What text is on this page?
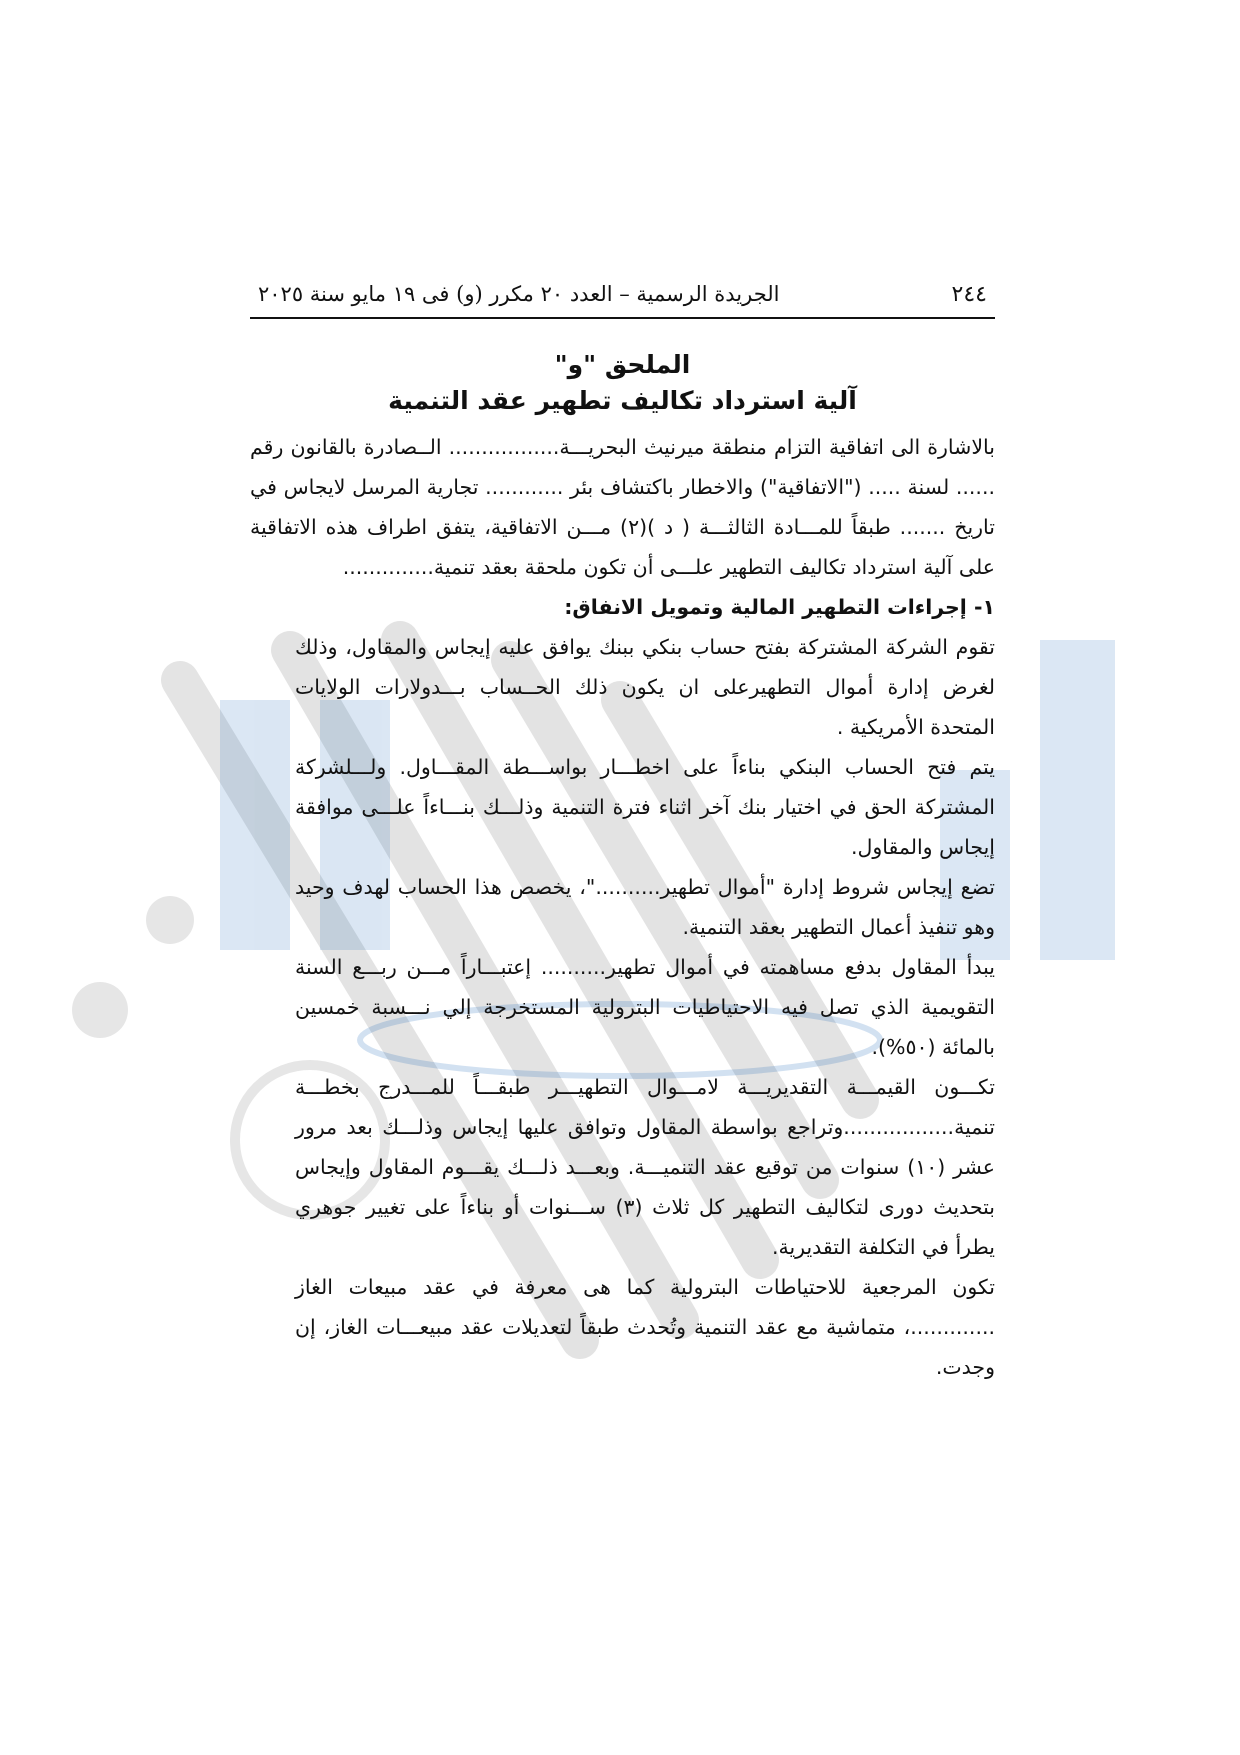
٢٤٤
الجريدة الرسمية – العدد ٢٠ مكرر (و) فى ١٩ مايو سنة ٢٠٢٥
الملحق "و"
آلية استرداد تكاليف تطهير عقد التنمية

بالاشارة الى اتفاقية التزام منطقة ميرنيث البحريـــة................. الــصادرة بالقانون رقم ...... لسنة ..... ("الاتفاقية") والاخطار باكتشاف بئر ............ تجارية المرسل لايجاس في تاريخ ....... طبقاً للمـــادة الثالثـــة ( د )(٢) مـــن الاتفاقية، يتفق اطراف هذه الاتفاقية على آلية استرداد تكاليف التطهير علـــى أن تكون ملحقة بعقد تنمية..............

١- إجراءات التطهير المالية وتمويل الانفاق:

تقوم الشركة المشتركة بفتح حساب بنكي ببنك يوافق عليه إيجاس والمقاول، وذلك لغرض إدارة أموال التطهيرعلى ان يكون ذلك الحــساب بـــدولارات الولايات المتحدة الأمريكية .

يتم فتح الحساب البنكي بناءاً على اخطـــار بواســـطة المقـــاول. ولـــلشركة المشتركة الحق في اختيار بنك آخر اثناء فترة التنمية وذلـــك بنـــاءاً علـــى موافقة إيجاس والمقاول.

تضع إيجاس شروط إدارة "أموال تطهير.........."، يخصص هذا الحساب لهدف وحيد وهو تنفيذ أعمال التطهير بعقد التنمية.

يبدأ المقاول بدفع مساهمته في أموال تطهير.......... إعتبـــاراً مـــن ربـــع السنة التقويمية الذي تصل فيه الاحتياطيات البترولية المستخرجة إلي نـــسبة خمسين بالمائة (٥٠%).

تكـــون القيمـــة التقديريـــة لامـــوال التطهيـــر طبقـــاً للمـــدرج بخطـــة تنمية.................وتراجع بواسطة المقاول وتوافق عليها إيجاس وذلـــك بعد مرور عشر (١٠) سنوات من توقيع عقد التنميـــة. وبعـــد ذلـــك يقـــوم المقاول وإيجاس بتحديث دورى لتكاليف التطهير كل ثلاث (٣) ســـنوات أو بناءاً على تغيير جوهري يطرأ في التكلفة التقديرية.

تكون المرجعية للاحتياطات البترولية كما هى معرفة في عقد مبيعات الغاز .............، متماشية مع عقد التنمية وتُحدث طبقاً لتعديلات عقد مبيعـــات الغاز، إن وجدت.
